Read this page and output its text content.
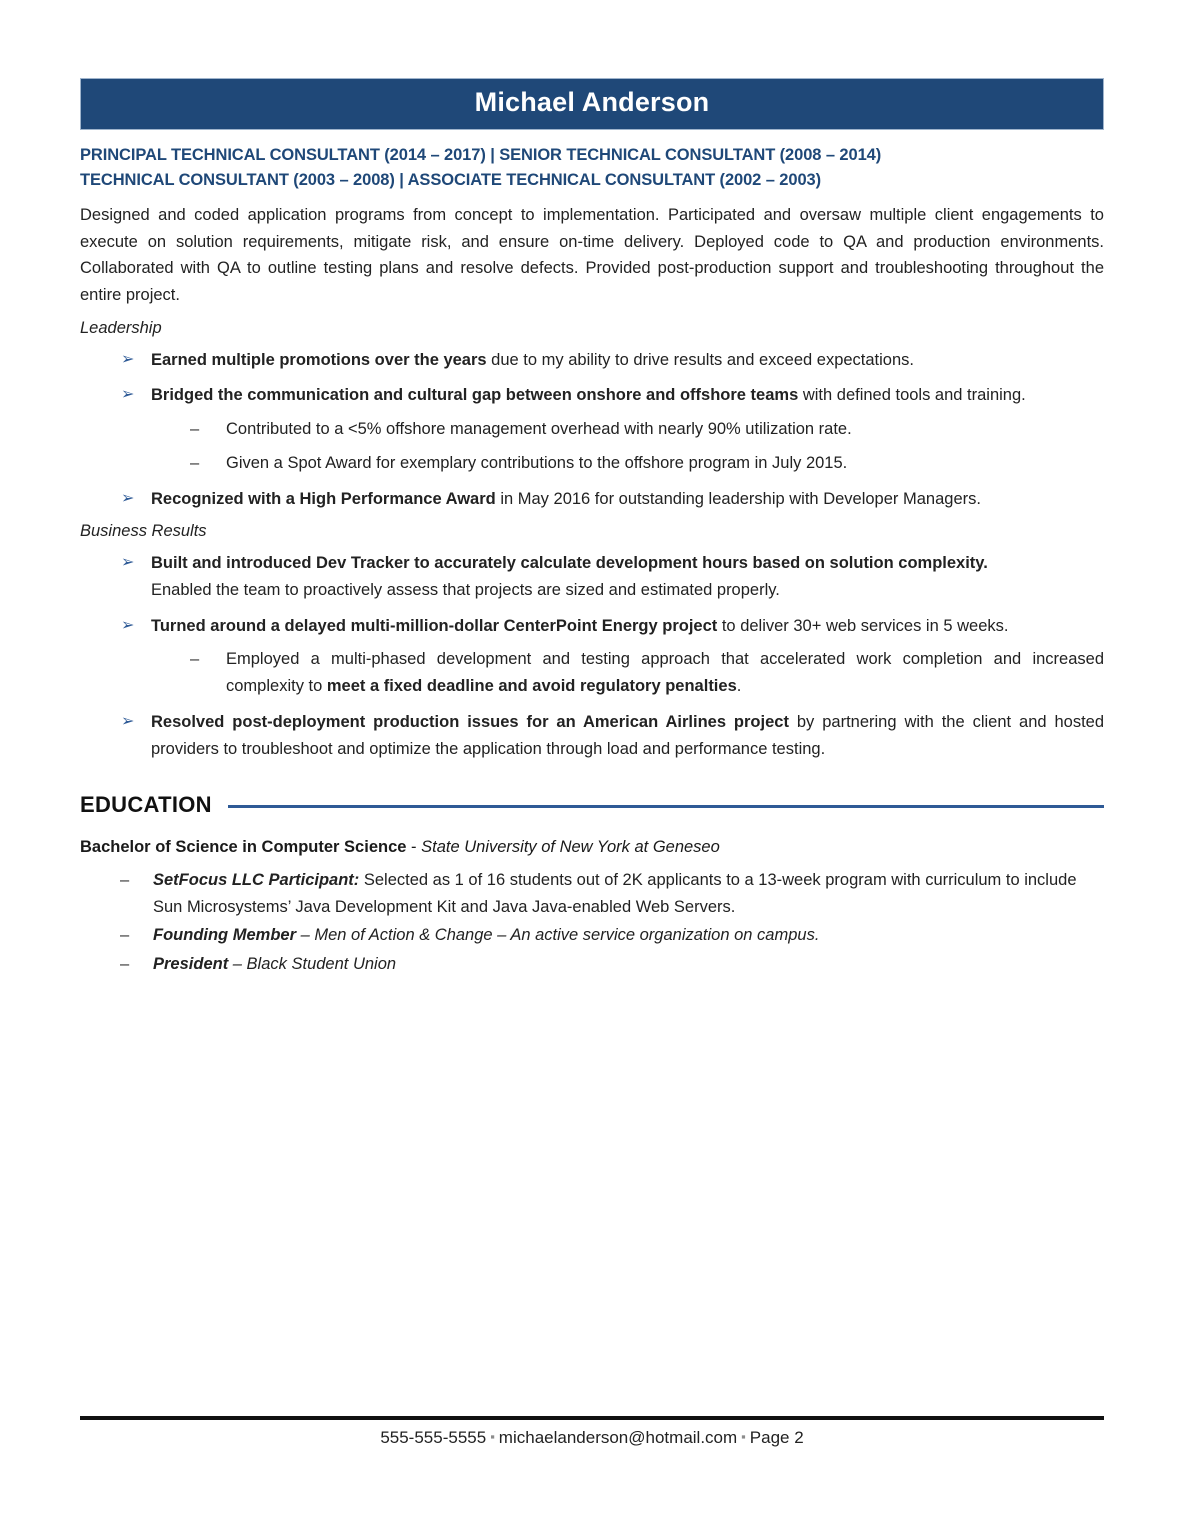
Michael Anderson
PRINCIPAL TECHNICAL CONSULTANT (2014 – 2017) | SENIOR TECHNICAL CONSULTANT (2008 – 2014)
TECHNICAL CONSULTANT (2003 – 2008) | ASSOCIATE TECHNICAL CONSULTANT (2002 – 2003)
Designed and coded application programs from concept to implementation. Participated and oversaw multiple client engagements to execute on solution requirements, mitigate risk, and ensure on-time delivery. Deployed code to QA and production environments. Collaborated with QA to outline testing plans and resolve defects. Provided post-production support and troubleshooting throughout the entire project.
Leadership
➢ Earned multiple promotions over the years due to my ability to drive results and exceed expectations.
➢ Bridged the communication and cultural gap between onshore and offshore teams with defined tools and training.
– Contributed to a <5% offshore management overhead with nearly 90% utilization rate.
– Given a Spot Award for exemplary contributions to the offshore program in July 2015.
➢ Recognized with a High Performance Award in May 2016 for outstanding leadership with Developer Managers.
Business Results
➢ Built and introduced Dev Tracker to accurately calculate development hours based on solution complexity.
Enabled the team to proactively assess that projects are sized and estimated properly.
➢ Turned around a delayed multi-million-dollar CenterPoint Energy project to deliver 30+ web services in 5 weeks.
– Employed a multi-phased development and testing approach that accelerated work completion and increased complexity to meet a fixed deadline and avoid regulatory penalties.
➢ Resolved post-deployment production issues for an American Airlines project by partnering with the client and hosted providers to troubleshoot and optimize the application through load and performance testing.
EDUCATION
Bachelor of Science in Computer Science - State University of New York at Geneseo
– SetFocus LLC Participant: Selected as 1 of 16 students out of 2K applicants to a 13-week program with curriculum to include Sun Microsystems’ Java Development Kit and Java Java-enabled Web Servers.
– Founding Member – Men of Action & Change – An active service organization on campus.
– President – Black Student Union
555-555-5555 ▪ michaelanderson@hotmail.com ▪ Page 2
